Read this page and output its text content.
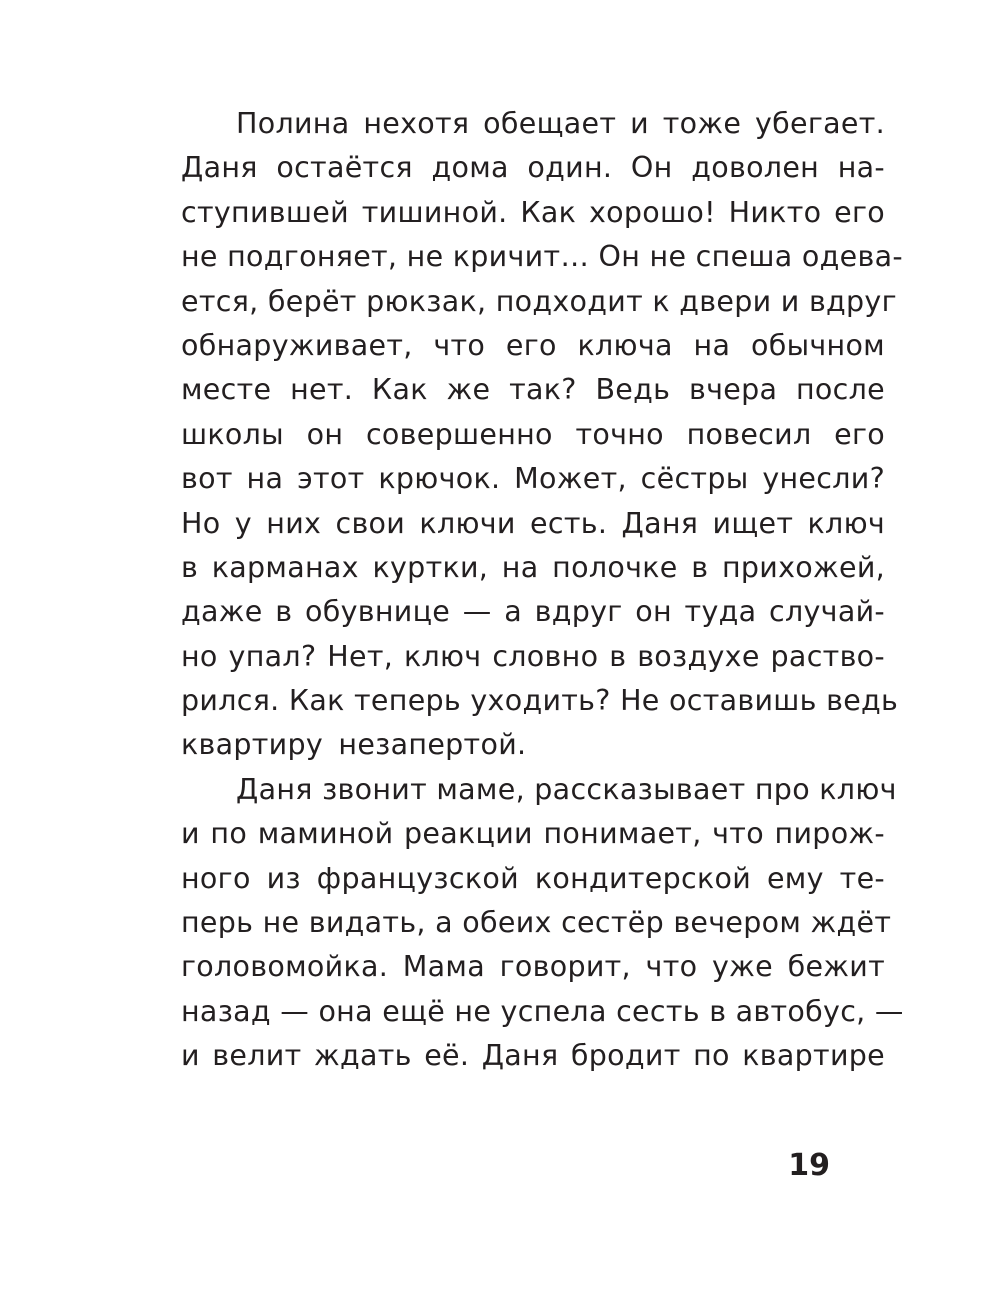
Полина нехотя обещает и тоже убегает.
Даня остаётся дома один. Он доволен на-
ступившей тишиной. Как хорошо! Никто его
не подгоняет, не кричит… Он не спеша одева-
ется, берёт рюкзак, подходит к двери и вдруг
обнаруживает, что его ключа на обычном
месте нет. Как же так? Ведь вчера после
школы он совершенно точно повесил его
вот на этот крючок. Может, сёстры унесли?
Но у них свои ключи есть. Даня ищет ключ
в карманах куртки, на полочке в прихожей,
даже в обувнице — а вдруг он туда случай-
но упал? Нет, ключ словно в воздухе раство-
рился. Как теперь уходить? Не оставишь ведь
квартиру незапертой.
Даня звонит маме, рассказывает про ключ
и по маминой реакции понимает, что пирож-
ного из французской кондитерской ему те-
перь не видать, а обеих сестёр вечером ждёт
головомойка. Мама говорит, что уже бежит
назад — она ещё не успела сесть в автобус, —
и велит ждать её. Даня бродит по квартире
19
